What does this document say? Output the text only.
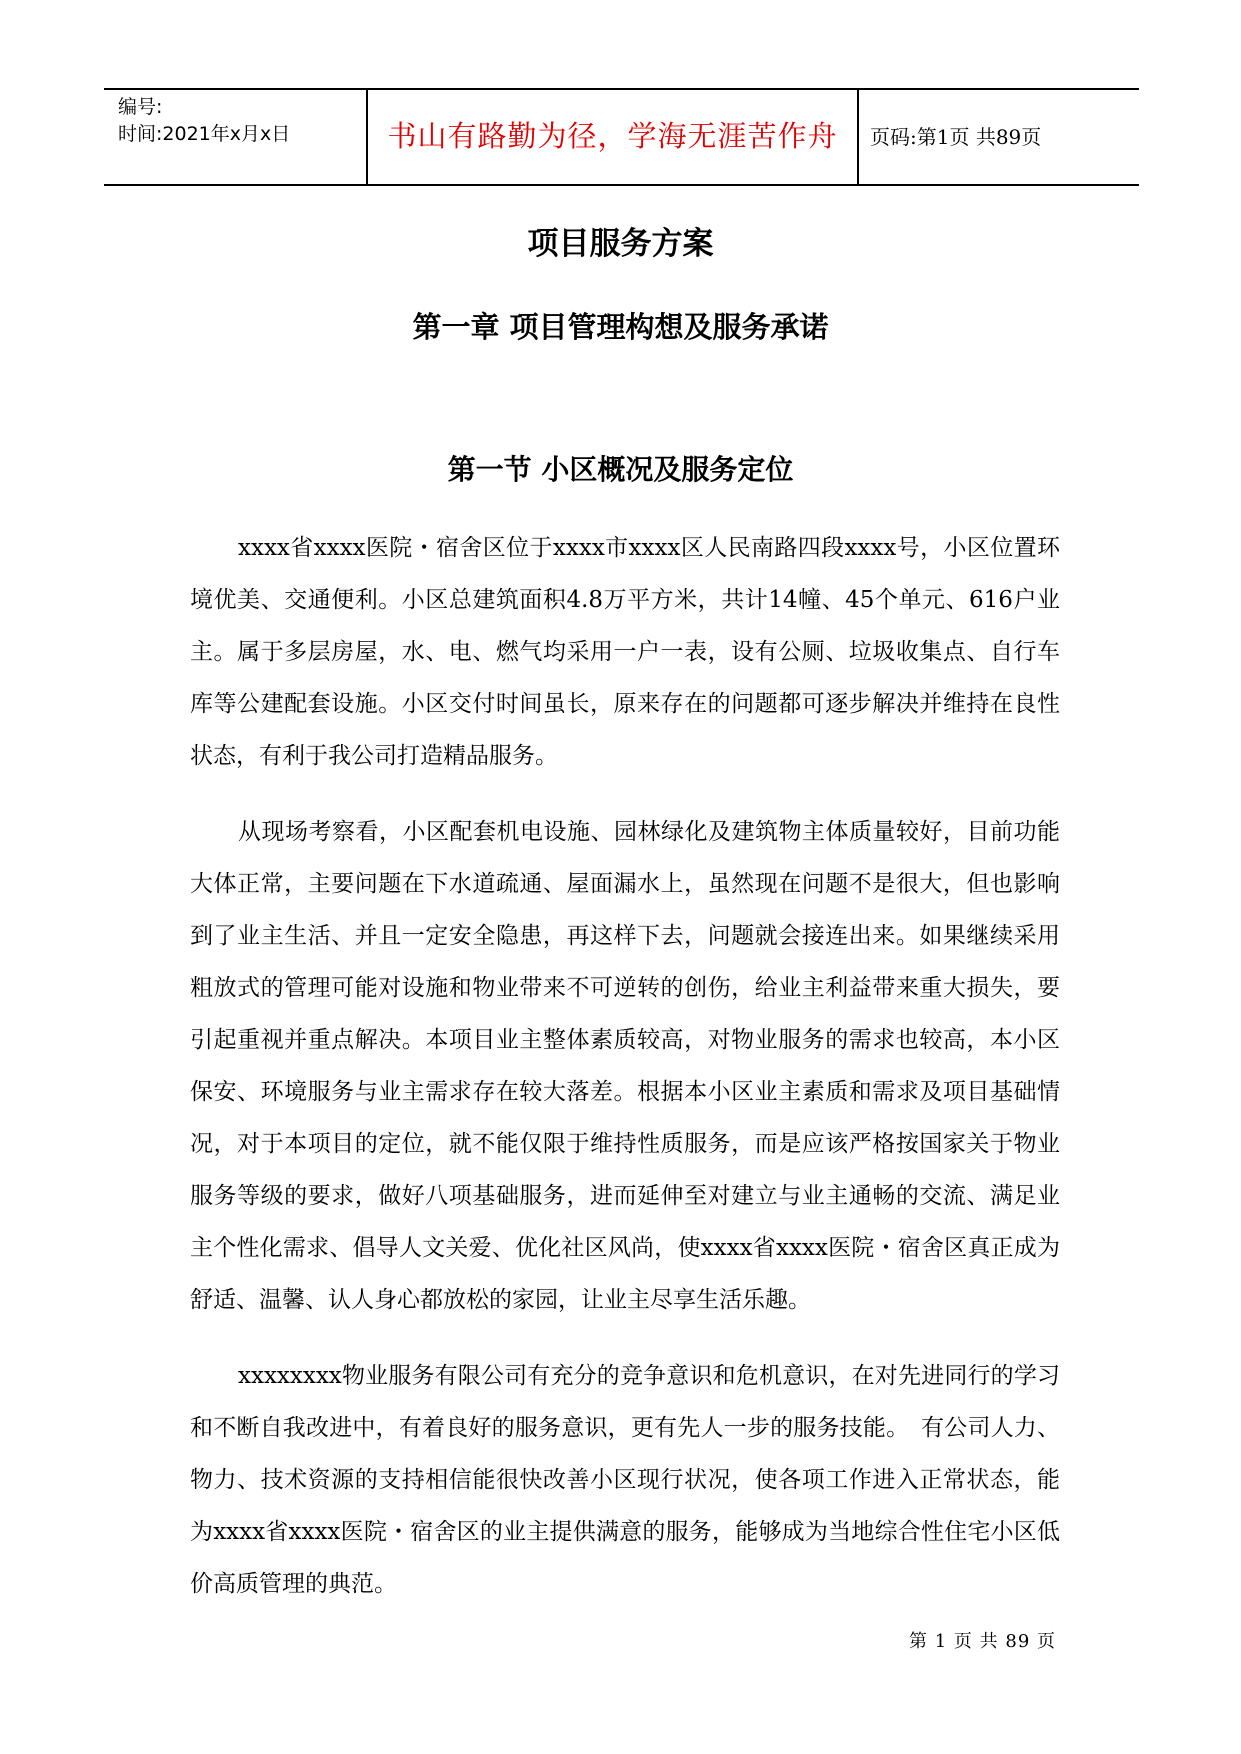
编号:
时间:2021年x月x日	书山有路勤为径，学海无涯苦作舟	页码:第1页 共89页
项目服务方案
第一章 项目管理构想及服务承诺
第一节 小区概况及服务定位

xxxx省xxxx医院・宿舍区位于xxxx市xxxx区人民南路四段xxxx号，小区位置环境优美、交通便利。小区总建筑面积4.8万平方米，共计14幢、45个单元、616户业主。属于多层房屋，水、电、燃气均采用一户一表，设有公厕、垃圾收集点、自行车库等公建配套设施。小区交付时间虽长，原来存在的问题都可逐步解决并维持在良性状态，有利于我公司打造精品服务。

从现场考察看，小区配套机电设施、园林绿化及建筑物主体质量较好，目前功能大体正常，主要问题在下水道疏通、屋面漏水上，虽然现在问题不是很大，但也影响到了业主生活、并且一定安全隐患，再这样下去，问题就会接连出来。如果继续采用粗放式的管理可能对设施和物业带来不可逆转的创伤，给业主利益带来重大损失，要引起重视并重点解决。本项目业主整体素质较高，对物业服务的需求也较高，本小区保安、环境服务与业主需求存在较大落差。根据本小区业主素质和需求及项目基础情况，对于本项目的定位，就不能仅限于维持性质服务，而是应该严格按国家关于物业服务等级的要求，做好八项基础服务，进而延伸至对建立与业主通畅的交流、满足业主个性化需求、倡导人文关爱、优化社区风尚，使xxxx省xxxx医院・宿舍区真正成为舒适、温馨、认人身心都放松的家园，让业主尽享生活乐趣。

xxxxxxxx物业服务有限公司有充分的竞争意识和危机意识，在对先进同行的学习和不断自我改进中，有着良好的服务意识，更有先人一步的服务技能。　有公司人力、物力、技术资源的支持相信能很快改善小区现行状况，使各项工作进入正常状态，能为xxxx省xxxx医院・宿舍区的业主提供满意的服务，能够成为当地综合性住宅小区低价高质管理的典范。

第 1 页 共 89 页
